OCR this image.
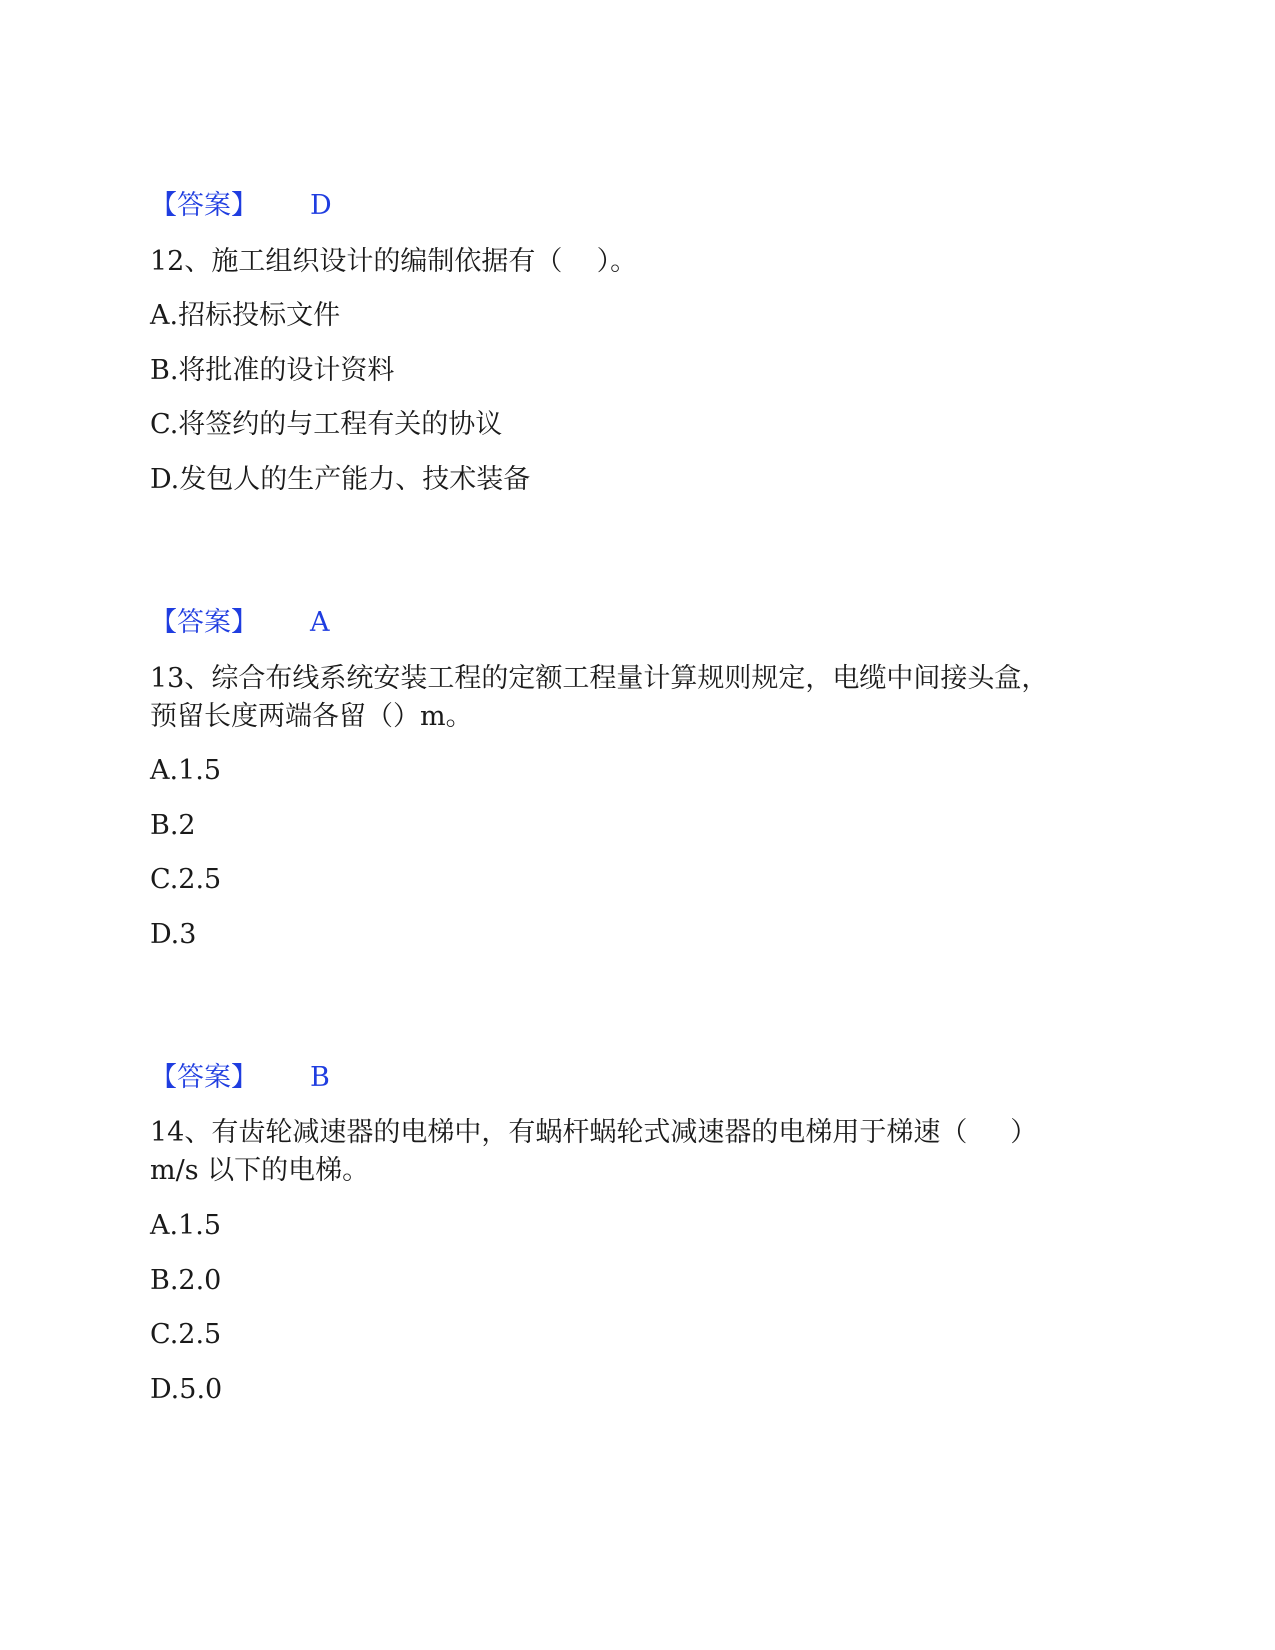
【答案】 D
12、施工组织设计的编制依据有（    ）。
A.招标投标文件
B.将批准的设计资料
C.将签约的与工程有关的协议
D.发包人的生产能力、技术装备
【答案】 A
13、综合布线系统安装工程的定额工程量计算规则规定，电缆中间接头盒，
预留长度两端各留（）m。
A.1.5
B.2
C.2.5
D.3
【答案】 B
14、有齿轮减速器的电梯中，有蜗杆蜗轮式减速器的电梯用于梯速（     ）
m/s 以下的电梯。
A.1.5
B.2.0
C.2.5
D.5.0
